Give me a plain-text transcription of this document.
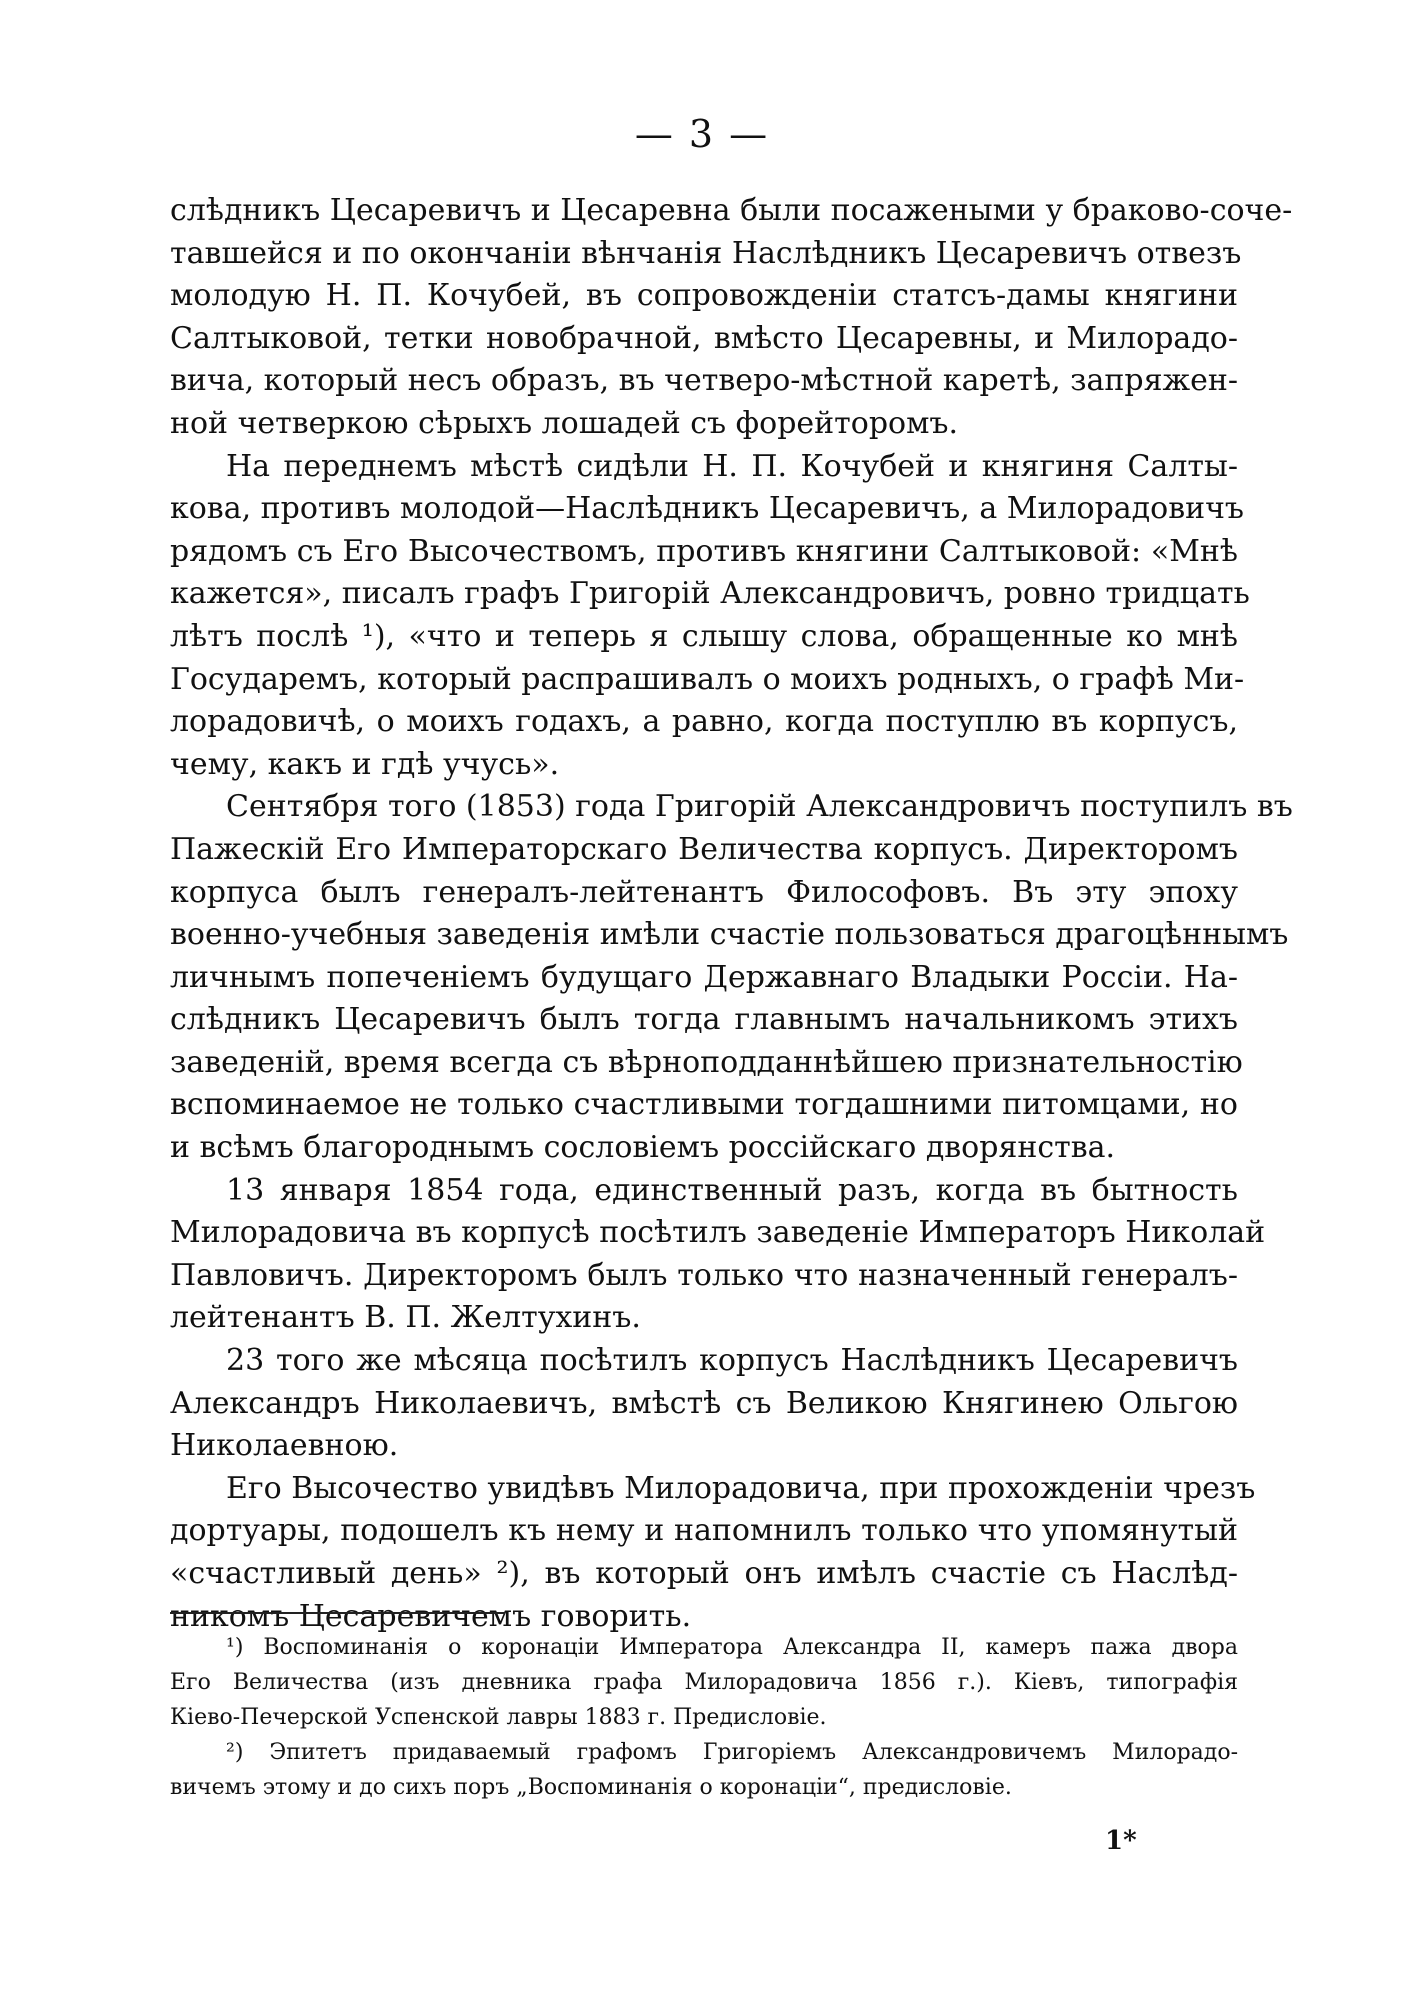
— 3 —
слѣдникъ Цесаревичъ и Цесаревна были посажеными у браково-соче-
тавшейся и по окончаніи вѣнчанія Наслѣдникъ Цесаревичъ отвезъ
молодую Н. П. Кочубей, въ сопровожденіи статсъ-дамы княгини
Салтыковой, тетки новобрачной, вмѣсто Цесаревны, и Милорадо-
вича, который несъ образъ, въ четверо-мѣстной каретѣ, запряжен-
ной четверкою сѣрыхъ лошадей съ форейторомъ.
На переднемъ мѣстѣ сидѣли Н. П. Кочубей и княгиня Салты-
кова, противъ молодой—Наслѣдникъ Цесаревичъ, а Милорадовичъ
рядомъ съ Его Высочествомъ, противъ княгини Салтыковой: «Мнѣ
кажется», писалъ графъ Григорій Александровичъ, ровно тридцать
лѣтъ послѣ ¹), «что и теперь я слышу слова, обращенные ко мнѣ
Государемъ, который распрашивалъ о моихъ родныхъ, о графѣ Ми-
лорадовичѣ, о моихъ годахъ, а равно, когда поступлю въ корпусъ,
чему, какъ и гдѣ учусь».
Сентября того (1853) года Григорій Александровичъ поступилъ въ
Пажескій Его Императорскаго Величества корпусъ. Директоромъ
корпуса былъ генералъ-лейтенантъ Философовъ. Въ эту эпоху
военно-учебныя заведенія имѣли счастіе пользоваться драгоцѣннымъ
личнымъ попеченіемъ будущаго Державнаго Владыки Россіи. На-
слѣдникъ Цесаревичъ былъ тогда главнымъ начальникомъ этихъ
заведеній, время всегда съ вѣрноподданнѣйшею признательностію
вспоминаемое не только счастливыми тогдашними питомцами, но
и всѣмъ благороднымъ сословіемъ россійскаго дворянства.
13 января 1854 года, единственный разъ, когда въ бытность
Милорадовича въ корпусѣ посѣтилъ заведеніе Императоръ Николай
Павловичъ. Директоромъ былъ только что назначенный генералъ-
лейтенантъ В. П. Желтухинъ.
23 того же мѣсяца посѣтилъ корпусъ Наслѣдникъ Цесаревичъ
Александръ Николаевичъ, вмѣстѣ съ Великою Княгинею Ольгою
Николаевною.
Его Высочество увидѣвъ Милорадовича, при прохожденіи чрезъ
дортуары, подошелъ къ нему и напомнилъ только что упомянутый
«счастливый день» ²), въ который онъ имѣлъ счастіе съ Наслѣд-
никомъ Цесаревичемъ говорить.
¹) Воспоминанія о коронаціи Императора Александра II, камеръ пажа двора
Его Величества (изъ дневника графа Милорадовича 1856 г.). Кіевъ, типографія
Кіево-Печерской Успенской лавры 1883 г. Предисловіе.
²) Эпитетъ придаваемый графомъ Григоріемъ Александровичемъ Милорадо-
вичемъ этому и до сихъ поръ „Воспоминанія о коронаціи“, предисловіе.
1*
